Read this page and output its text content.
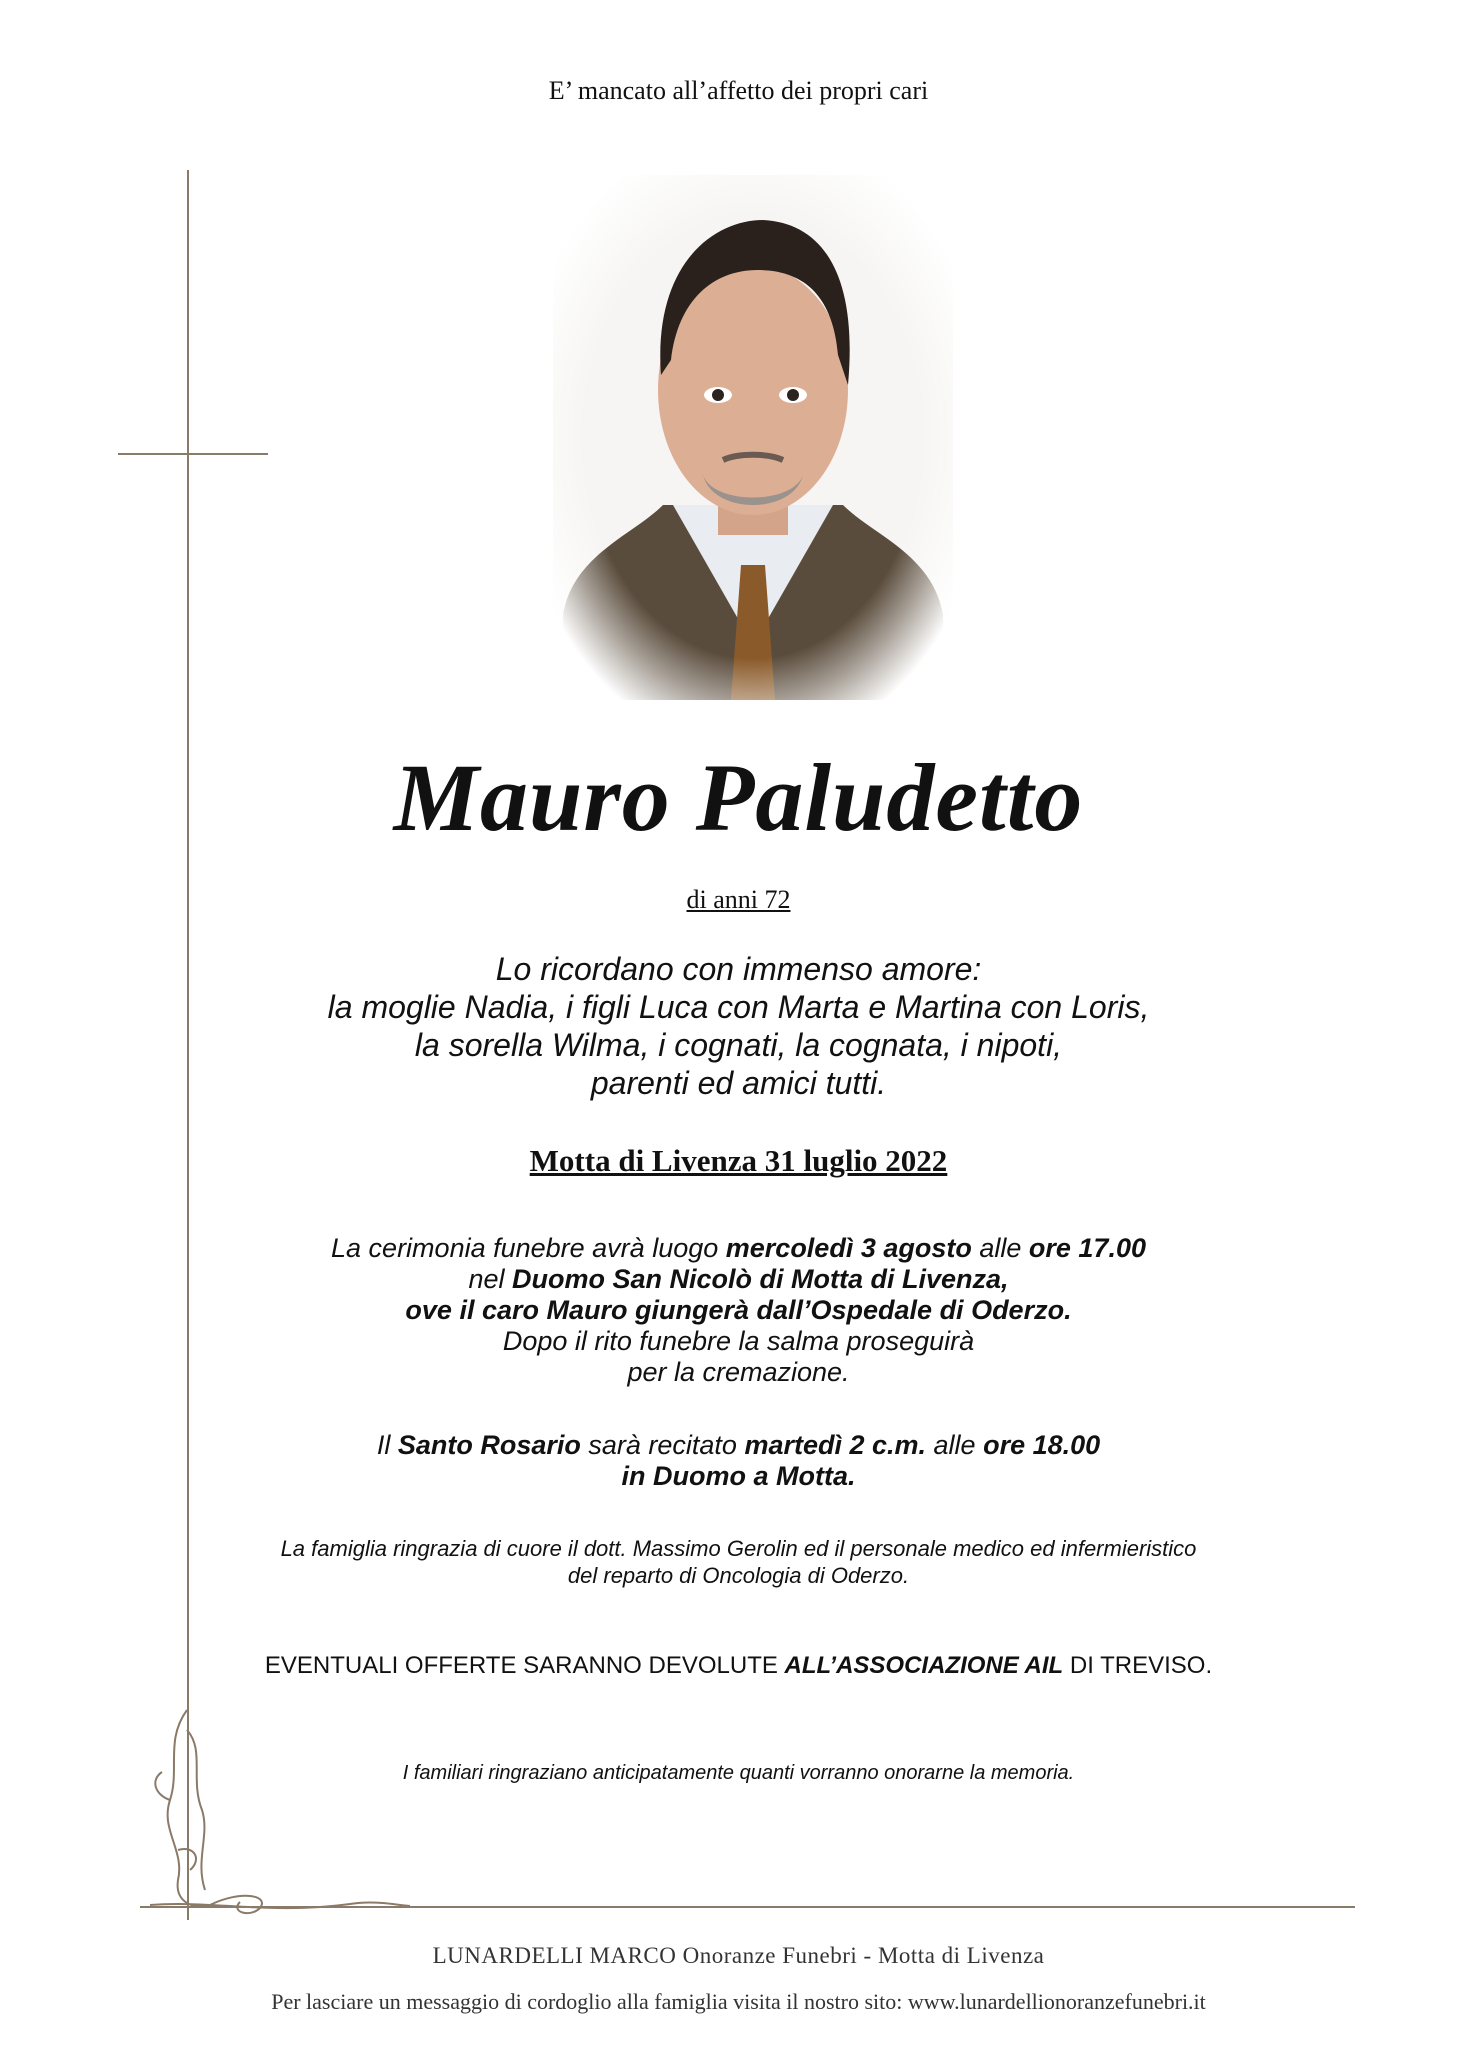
E’ mancato all’affetto dei propri cari
Mauro Paludetto
di anni 72
Lo ricordano con immenso amore:
la moglie Nadia, i figli Luca con Marta e Martina con Loris,
la sorella Wilma, i cognati, la cognata, i nipoti,
parenti ed amici tutti.
Motta di Livenza 31 luglio 2022
La cerimonia funebre avrà luogo mercoledì 3 agosto alle ore 17.00
nel Duomo San Nicolò di Motta di Livenza,
ove il caro Mauro giungerà dall’Ospedale di Oderzo.
Dopo il rito funebre la salma proseguirà
per la cremazione.
Il Santo Rosario sarà recitato martedì 2 c.m. alle ore 18.00
in Duomo a Motta.
La famiglia ringrazia di cuore il dott. Massimo Gerolin ed il personale medico ed infermieristico
del reparto di Oncologia di Oderzo.
EVENTUALI OFFERTE SARANNO DEVOLUTE ALL’ASSOCIAZIONE AIL DI TREVISO.
I familiari ringraziano anticipatamente quanti vorranno onorarne la memoria.
LUNARDELLI MARCO Onoranze Funebri - Motta di Livenza
Per lasciare un messaggio di cordoglio alla famiglia visita il nostro sito: www.lunardellionoranzefunebri.it
